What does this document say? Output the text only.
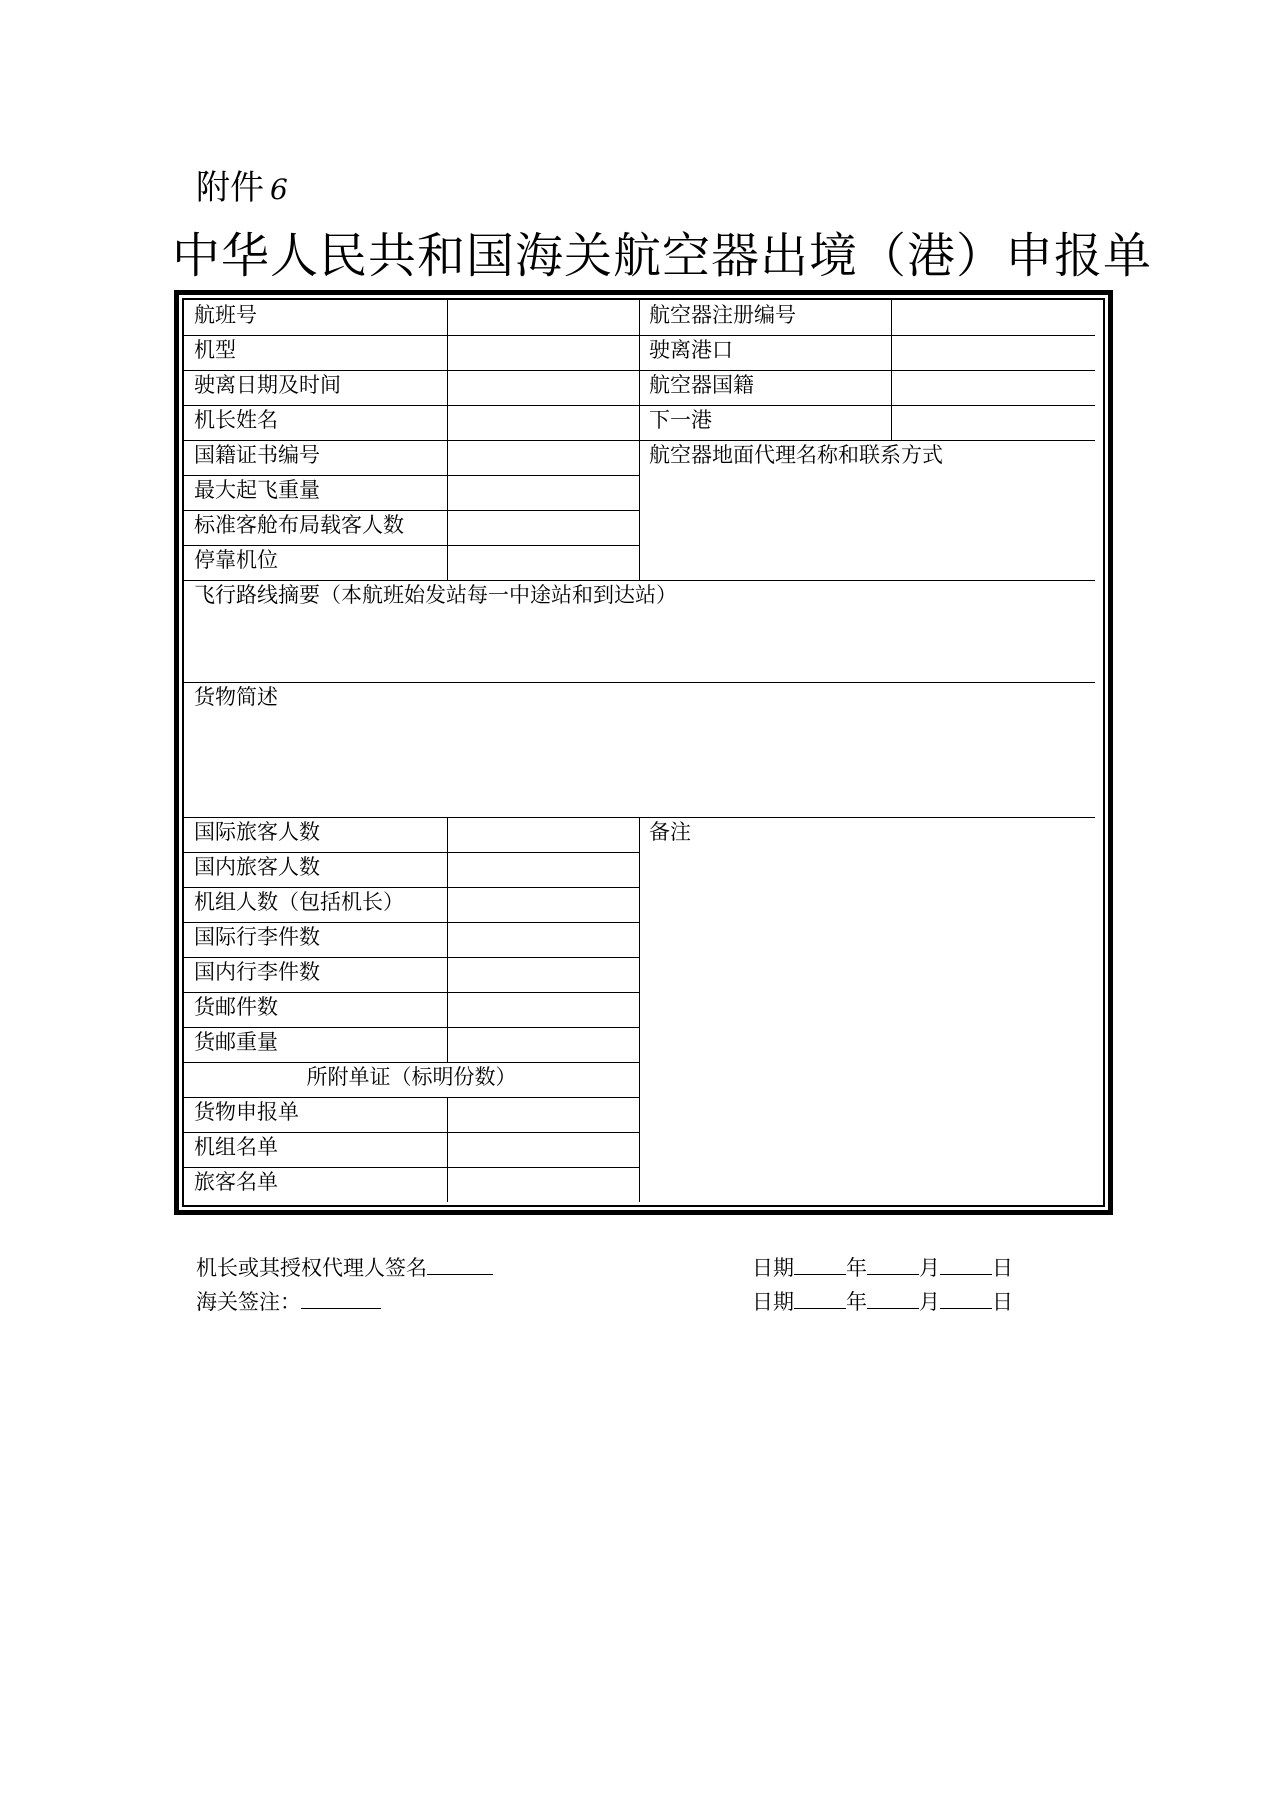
附件 6
中华人民共和国海关航空器出境（港）申报单
航班号
机型
驶离日期及时间
机长姓名
国籍证书编号
最大起飞重量
标准客舱布局载客人数
停靠机位
航空器注册编号
驶离港口
航空器国籍
下一港
航空器地面代理名称和联系方式
飞行路线摘要（本航班始发站每一中途站和到达站）
货物简述
国际旅客人数
国内旅客人数
机组人数（包括机长）
国际行李件数
国内行李件数
货邮件数
货邮重量
所附单证（标明份数）
货物申报单
机组名单
旅客名单
备注
机长或其授权代理人签名
海关签注：
日期 年 月 日
日期 年 月 日
